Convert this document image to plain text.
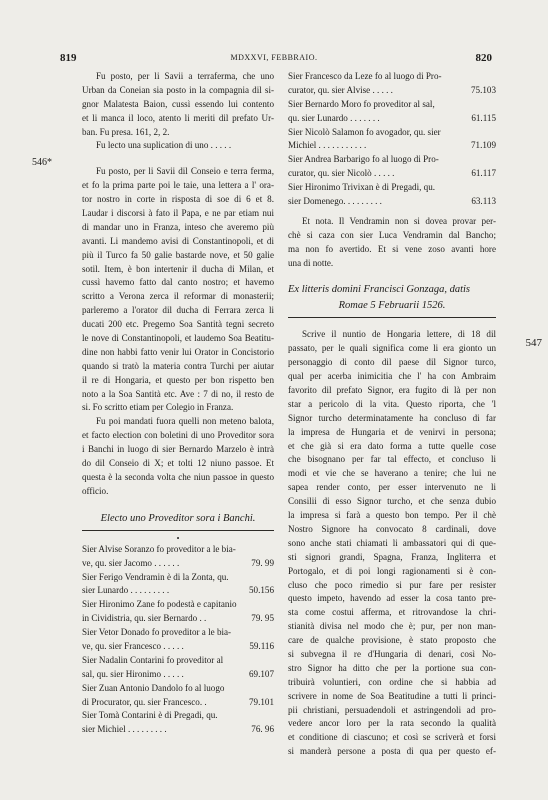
819	MDXXVI, FEBBRAIO.	820
546*
547
Fu posto, per li Savii a terraferma, che uno
Urban da Coneian sia posto in la compagnia dil si-
gnor Malatesta Baion, cussì essendo lui contento
et li manca il loco, atento li meriti dil prefato Ur-
ban. Fu presa. 161, 2, 2.
Fu lecto una suplication di uno . . . . .
Fu posto, per li Savii dil Conseio e terra ferma,
et fo la prima parte poi le taie, una lettera a l' ora-
tor nostro in corte in risposta di soe di 6 et 8.
Laudar i discorsi à fato il Papa, e ne par etiam nui
di mandar uno in Franza, inteso che averemo più
avanti. Li mandemo avisi di Constantinopoli, et di
più il Turco fa 50 galie bastarde nove, et 50 galie
sotil. Item, è bon intertenir il ducha di Milan, et
cussì havemo fatto dal canto nostro; et havemo
scritto a Verona zerca il reformar di monasterii;
parleremo a l'orator dil ducha di Ferrara zerca li
ducati 200 etc. Pregemo Soa Santità tegni secreto
le nove di Constantinopoli, et laudemo Soa Beatitu-
dine non habbi fatto venir lui Orator in Concistorio
quando si tratò la materia contra Turchi per aiutar
il re di Hongaria, et questo per bon rispetto ben
noto a la Soa Santità etc. Ave : 7 di no, il resto de
si. Fo scritto etiam per Colegio in Franza.
Fu poi mandati fuora quelli non meteno balota,
et facto election con boletini di uno Proveditor sora
i Banchi in luogo di sier Bernardo Marzelo è intrà
do dil Conseio di X; et tolti 12 niuno passoe. Et
questa è la seconda volta che niun passoe in questo
officio.
Electo uno Proveditor sora i Banchi.
•
Sier Alvise Soranzo fo proveditor a le bia-
ve, qu. sier Jacomo . . . . . .	79. 99
Sier Ferigo Vendramin è di la Zonta, qu.
sier Lunardo . . . . . . . . .	50.156
Sier Hironimo Zane fo podestà e capitanio
in Cividistria, qu. sier Bernardo . .	79. 95
Sier Vetor Donado fo proveditor a le bia-
ve, qu. sier Francesco . . . . .	59.116
Sier Nadalin Contarini fo proveditor al
sal, qu. sier Hironimo . . . . .	69.107
Sier Zuan Antonio Dandolo fo al luogo
di Procurator, qu. sier Francesco. .	79.101
Sier Tomà Contarini è di Pregadi, qu.
sier Michiel . . . . . . . . .	76. 96
Sier Francesco da Leze fo al luogo di Pro-
curator, qu. sier Alvise . . . . .	75.103
Sier Bernardo Moro fo proveditor al sal,
qu. sier Lunardo . . . . . . .	61.115
Sier Nicolò Salamon fo avogador, qu. sier
Michiel . . . . . . . . . . .	71.109
Sier Andrea Barbarigo fo al luogo di Pro-
curator, qu. sier Nicolò . . . . .	61.117
Sier Hironimo Trivixan è di Pregadi, qu.
sier Domenego. . . . . . . . .	63.113
Et nota. Il Vendramin non si dovea provar per-
chè si caza con sier Luca Vendramin dal Bancho;
ma non fo avertido. Et si vene zoso avanti hore
una di notte.
Ex litteris domini Francisci Gonzaga, datis
Romae 5 Februarii 1526.
Scrive il nuntio de Hongaria lettere, di 18 dil
passato, per le quali significa come li era gionto un
personaggio di conto dil paese dil Signor turco,
qual per acerba inimicitia che l' ha con Ambraim
favorito dil prefato Signor, era fugito di là per non
star a pericolo di la vita. Questo riporta, che 'l
Signor turcho determinatamente ha concluso di far
la impresa de Hungaria et de venirvi in persona;
et che già si era dato forma a tutte quelle cose
che bisognano per far tal effecto, et concluso li
modi et vie che se haverano a tenire; che lui ne
sapea render conto, per esser intervenuto ne li
Consilii di esso Signor turcho, et che senza dubio
la impresa si farà a questo bon tempo. Per il chè
Nostro Signore ha convocato 8 cardinali, dove
sono anche stati chiamati li ambassatori qui di que-
sti signori grandi, Spagna, Franza, Ingliterra et
Portogalo, et di poi longi ragionamenti si è con-
cluso che poco rimedio si pur fare per resister
questo impeto, havendo ad esser la cosa tanto pre-
sta come costui afferma, et ritrovandose la chri-
stianità divisa nel modo che è; pur, per non man-
care de qualche provisione, è stato proposto che
si subvegna il re d'Hungaria di denari, così No-
stro Signor ha ditto che per la portione sua con-
tribuirà voluntieri, con ordine che si habbia ad
scrivere in nome de Soa Beatitudine a tutti li princi-
pii christiani, persuadendoli et astringendoli ad pro-
vedere ancor loro per la rata secondo la qualità
et conditione di ciascuno; et così se scriverà et forsi
si manderà persone a posta di qua per questo ef-
